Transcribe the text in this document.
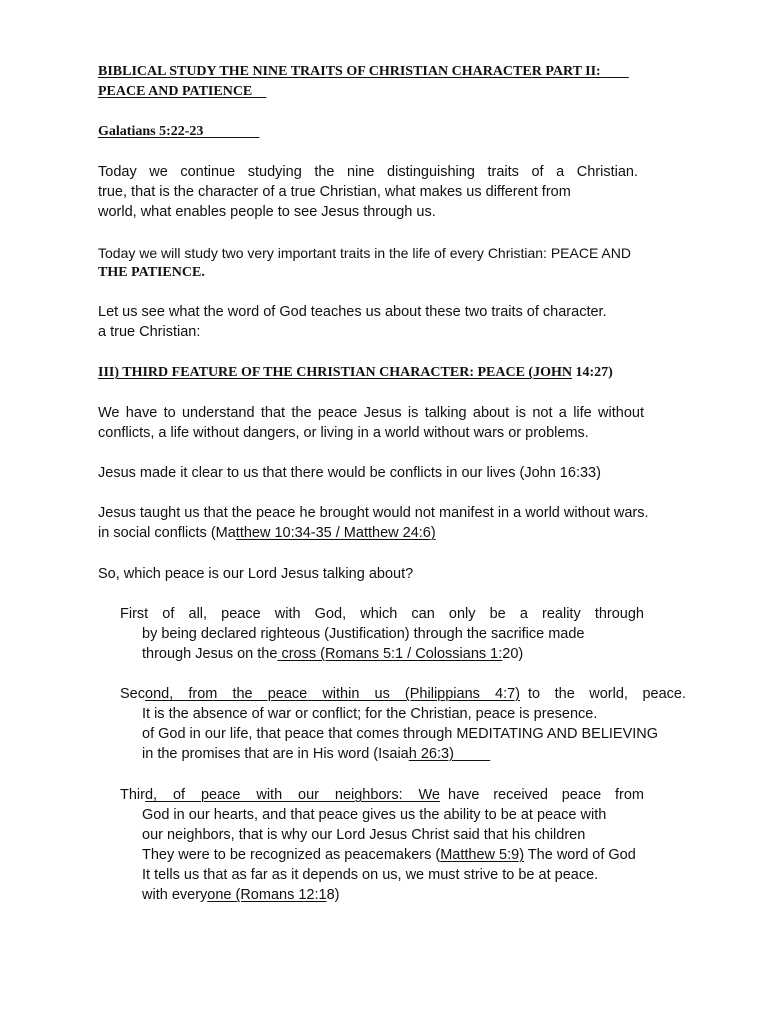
BIBLICAL STUDY THE NINE TRAITS OF CHRISTIAN CHARACTER PART II:
PEACE AND PATIENCE
Galatians 5:22-23
Today we continue studying the nine distinguishing traits of a Christian.
true, that is the character of a true Christian, what makes us different from
world, what enables people to see Jesus through us.
Today we will study two very important traits in the life of every Christian: PEACE AND
THE PATIENCE.
Let us see what the word of God teaches us about these two traits of character.
a true Christian:
III) THIRD FEATURE OF THE CHRISTIAN CHARACTER: PEACE (JOHN 14:27)
We have to understand that the peace Jesus is talking about is not a life without
conflicts, a life without dangers, or living in a world without wars or problems.
Jesus made it clear to us that there would be conflicts in our lives (John 16:33)
Jesus taught us that the peace he brought would not manifest in a world without wars.
in social conflicts (Matthew 10:34-35 / Matthew 24:6)
So, which peace is our Lord Jesus talking about?
First of all, peace with God, which can only be a reality through
by being declared righteous (Justification) through the sacrifice made
through Jesus on the cross (Romans 5:1 / Colossians 1:20)
Sec ond, from the peace within us (Philippians 4:7) to the world, peace.
It is the absence of war or conflict; for the Christian, peace is presence.
of God in our life, that peace that comes through MEDITATING AND BELIEVING
in the promises that are in His word (Isaiah 26:3)
Thir d, of peace with our neighbors: We have received peace from
God in our hearts, and that peace gives us the ability to be at peace with
our neighbors, that is why our Lord Jesus Christ said that his children
They were to be recognized as peacemakers (Matthew 5:9) The word of God
It tells us that as far as it depends on us, we must strive to be at peace.
with everyone (Romans 12:18)
